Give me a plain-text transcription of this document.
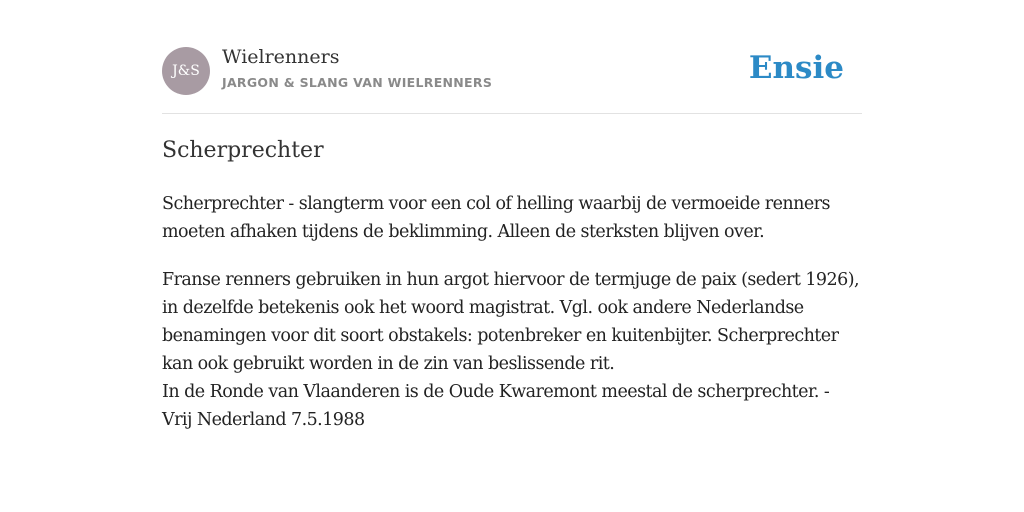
J&S
Wielrenners
JARGON & SLANG VAN WIELRENNERS	Ensie
Scherprechter

Scherprechter - slangterm voor een col of helling waarbij de vermoeide renners
moeten afhaken tijdens de beklimming. Alleen de sterksten blijven over.

Franse renners gebruiken in hun argot hiervoor de termjuge de paix (sedert 1926),
in dezelfde betekenis ook het woord magistrat. Vgl. ook andere Nederlandse
benamingen voor dit soort obstakels: potenbreker en kuitenbijter. Scherprechter
kan ook gebruikt worden in de zin van beslissende rit.
In de Ronde van Vlaanderen is de Oude Kwaremont meestal de scherprechter. -
Vrij Nederland 7.5.1988
